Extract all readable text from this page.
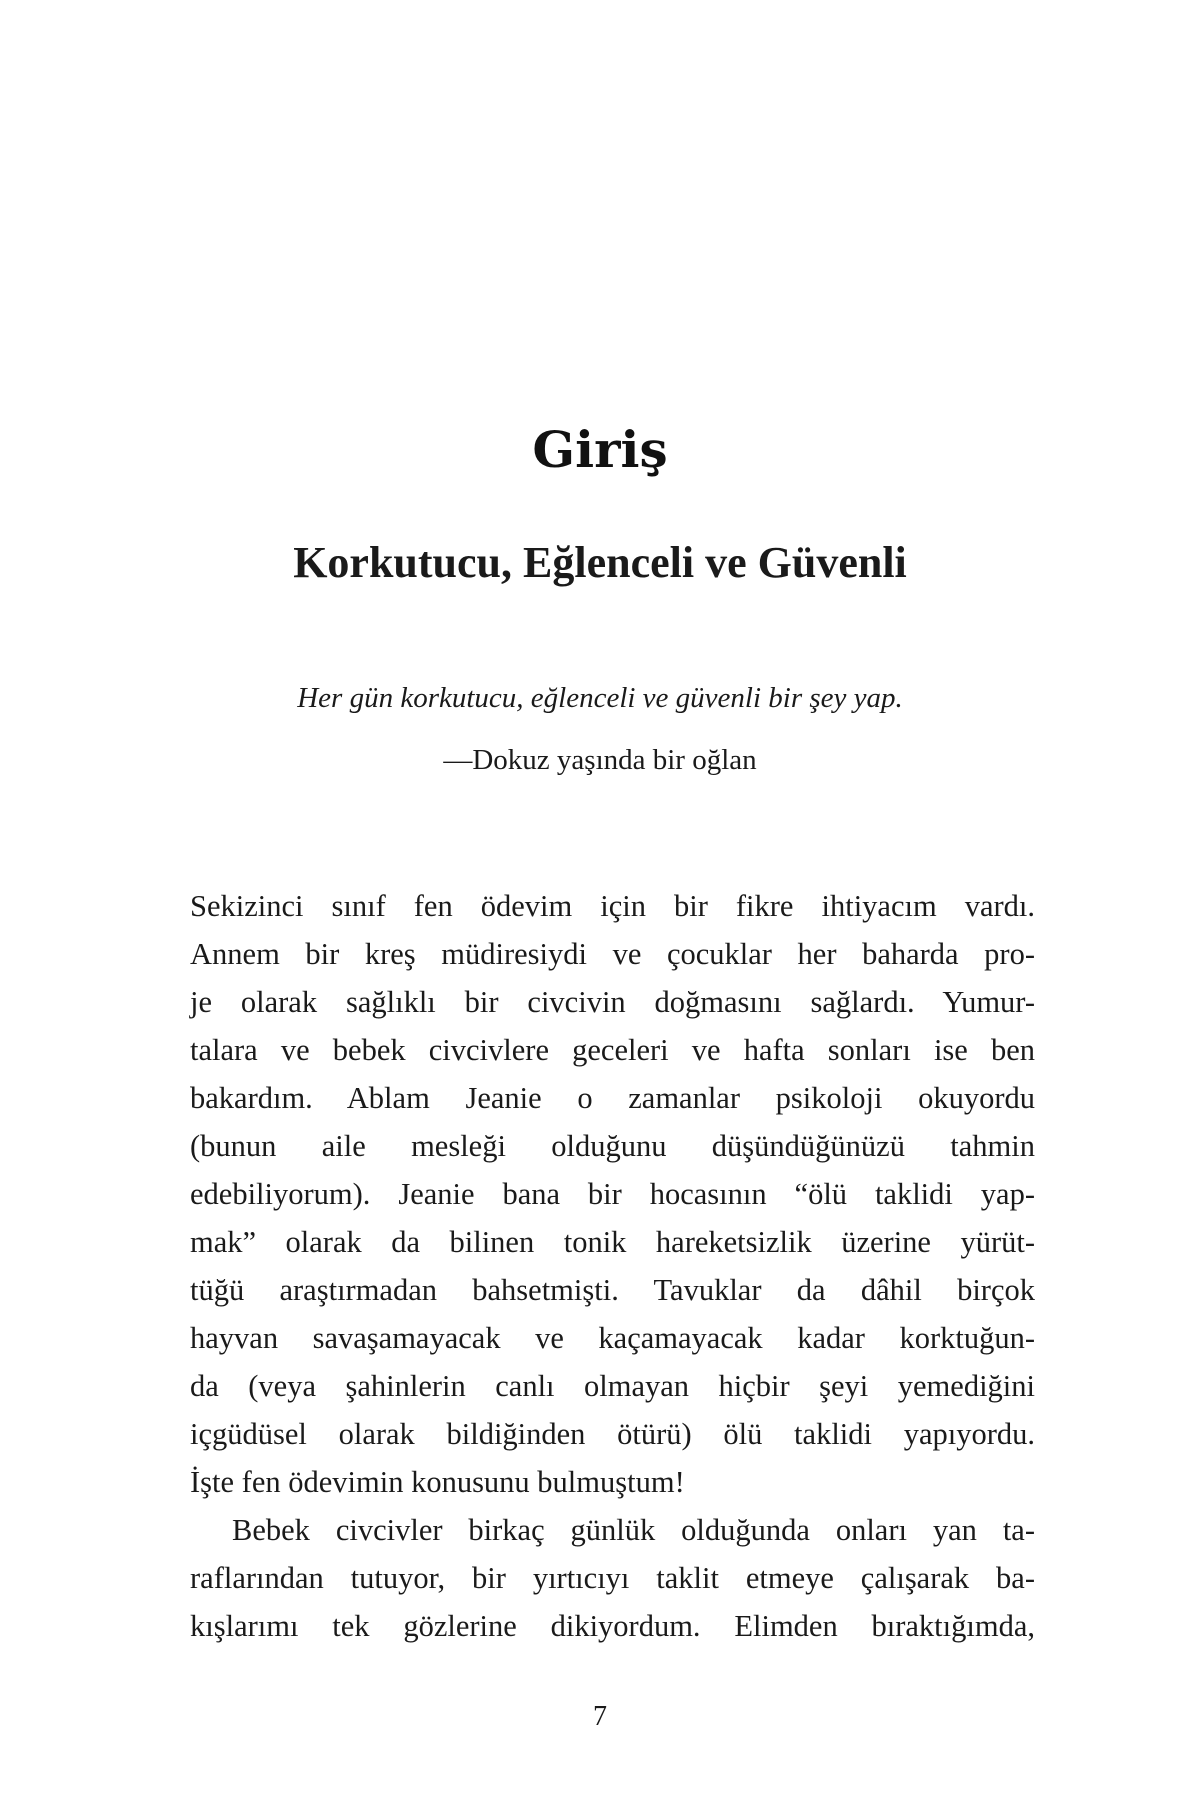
Giriş
Korkutucu, Eğlenceli ve Güvenli

Her gün korkutucu, eğlenceli ve güvenli bir şey yap.

—Dokuz yaşında bir oğlan

Sekizinci sınıf fen ödevim için bir fikre ihtiyacım vardı.
Annem bir kreş müdiresiydi ve çocuklar her baharda pro-
je olarak sağlıklı bir civcivin doğmasını sağlardı. Yumur-
talara ve bebek civcivlere geceleri ve hafta sonları ise ben
bakardım. Ablam Jeanie o zamanlar psikoloji okuyordu
(bunun aile mesleği olduğunu düşündüğünüzü tahmin
edebiliyorum). Jeanie bana bir hocasının “ölü taklidi yap-
mak” olarak da bilinen tonik hareketsizlik üzerine yürüt-
tüğü araştırmadan bahsetmişti. Tavuklar da dâhil birçok
hayvan savaşamayacak ve kaçamayacak kadar korktuğun-
da (veya şahinlerin canlı olmayan hiçbir şeyi yemediğini
içgüdüsel olarak bildiğinden ötürü) ölü taklidi yapıyordu.
İşte fen ödevimin konusunu bulmuştum!
Bebek civcivler birkaç günlük olduğunda onları yan ta-
raflarından tutuyor, bir yırtıcıyı taklit etmeye çalışarak ba-
kışlarımı tek gözlerine dikiyordum. Elimden bıraktığımda,

7
